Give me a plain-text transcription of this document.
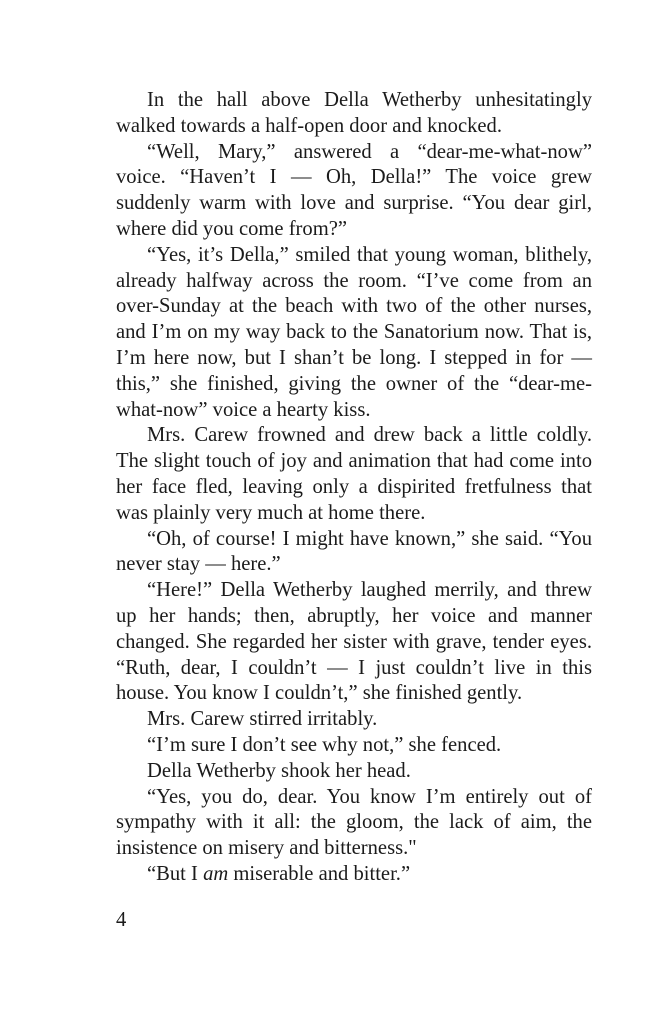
In the hall above Della Wetherby unhesitatingly walked towards a half-open door and knocked.

“Well, Mary,” answered a “dear-me-what-now” voice. “Haven’t I — Oh, Della!” The voice grew suddenly warm with love and surprise. “You dear girl, where did you come from?”

“Yes, it’s Della,” smiled that young woman, blithely, already halfway across the room. “I’ve come from an over-Sunday at the beach with two of the other nurses, and I’m on my way back to the Sanatorium now. That is, I’m here now, but I shan’t be long. I stepped in for — this,” she finished, giving the owner of the “dear-me-what-now” voice a hearty kiss.

Mrs. Carew frowned and drew back a little coldly. The slight touch of joy and animation that had come into her face fled, leaving only a dispirited fretfulness that was plainly very much at home there.

“Oh, of course! I might have known,” she said. “You never stay — here.”

“Here!” Della Wetherby laughed merrily, and threw up her hands; then, abruptly, her voice and manner changed. She regarded her sister with grave, tender eyes. “Ruth, dear, I couldn’t — I just couldn’t live in this house. You know I couldn’t,” she finished gently.

Mrs. Carew stirred irritably.

“I’m sure I don’t see why not,” she fenced.

Della Wetherby shook her head.

“Yes, you do, dear. You know I’m entirely out of sympathy with it all: the gloom, the lack of aim, the insistence on misery and bitterness."

“But I am miserable and bitter.”

4
